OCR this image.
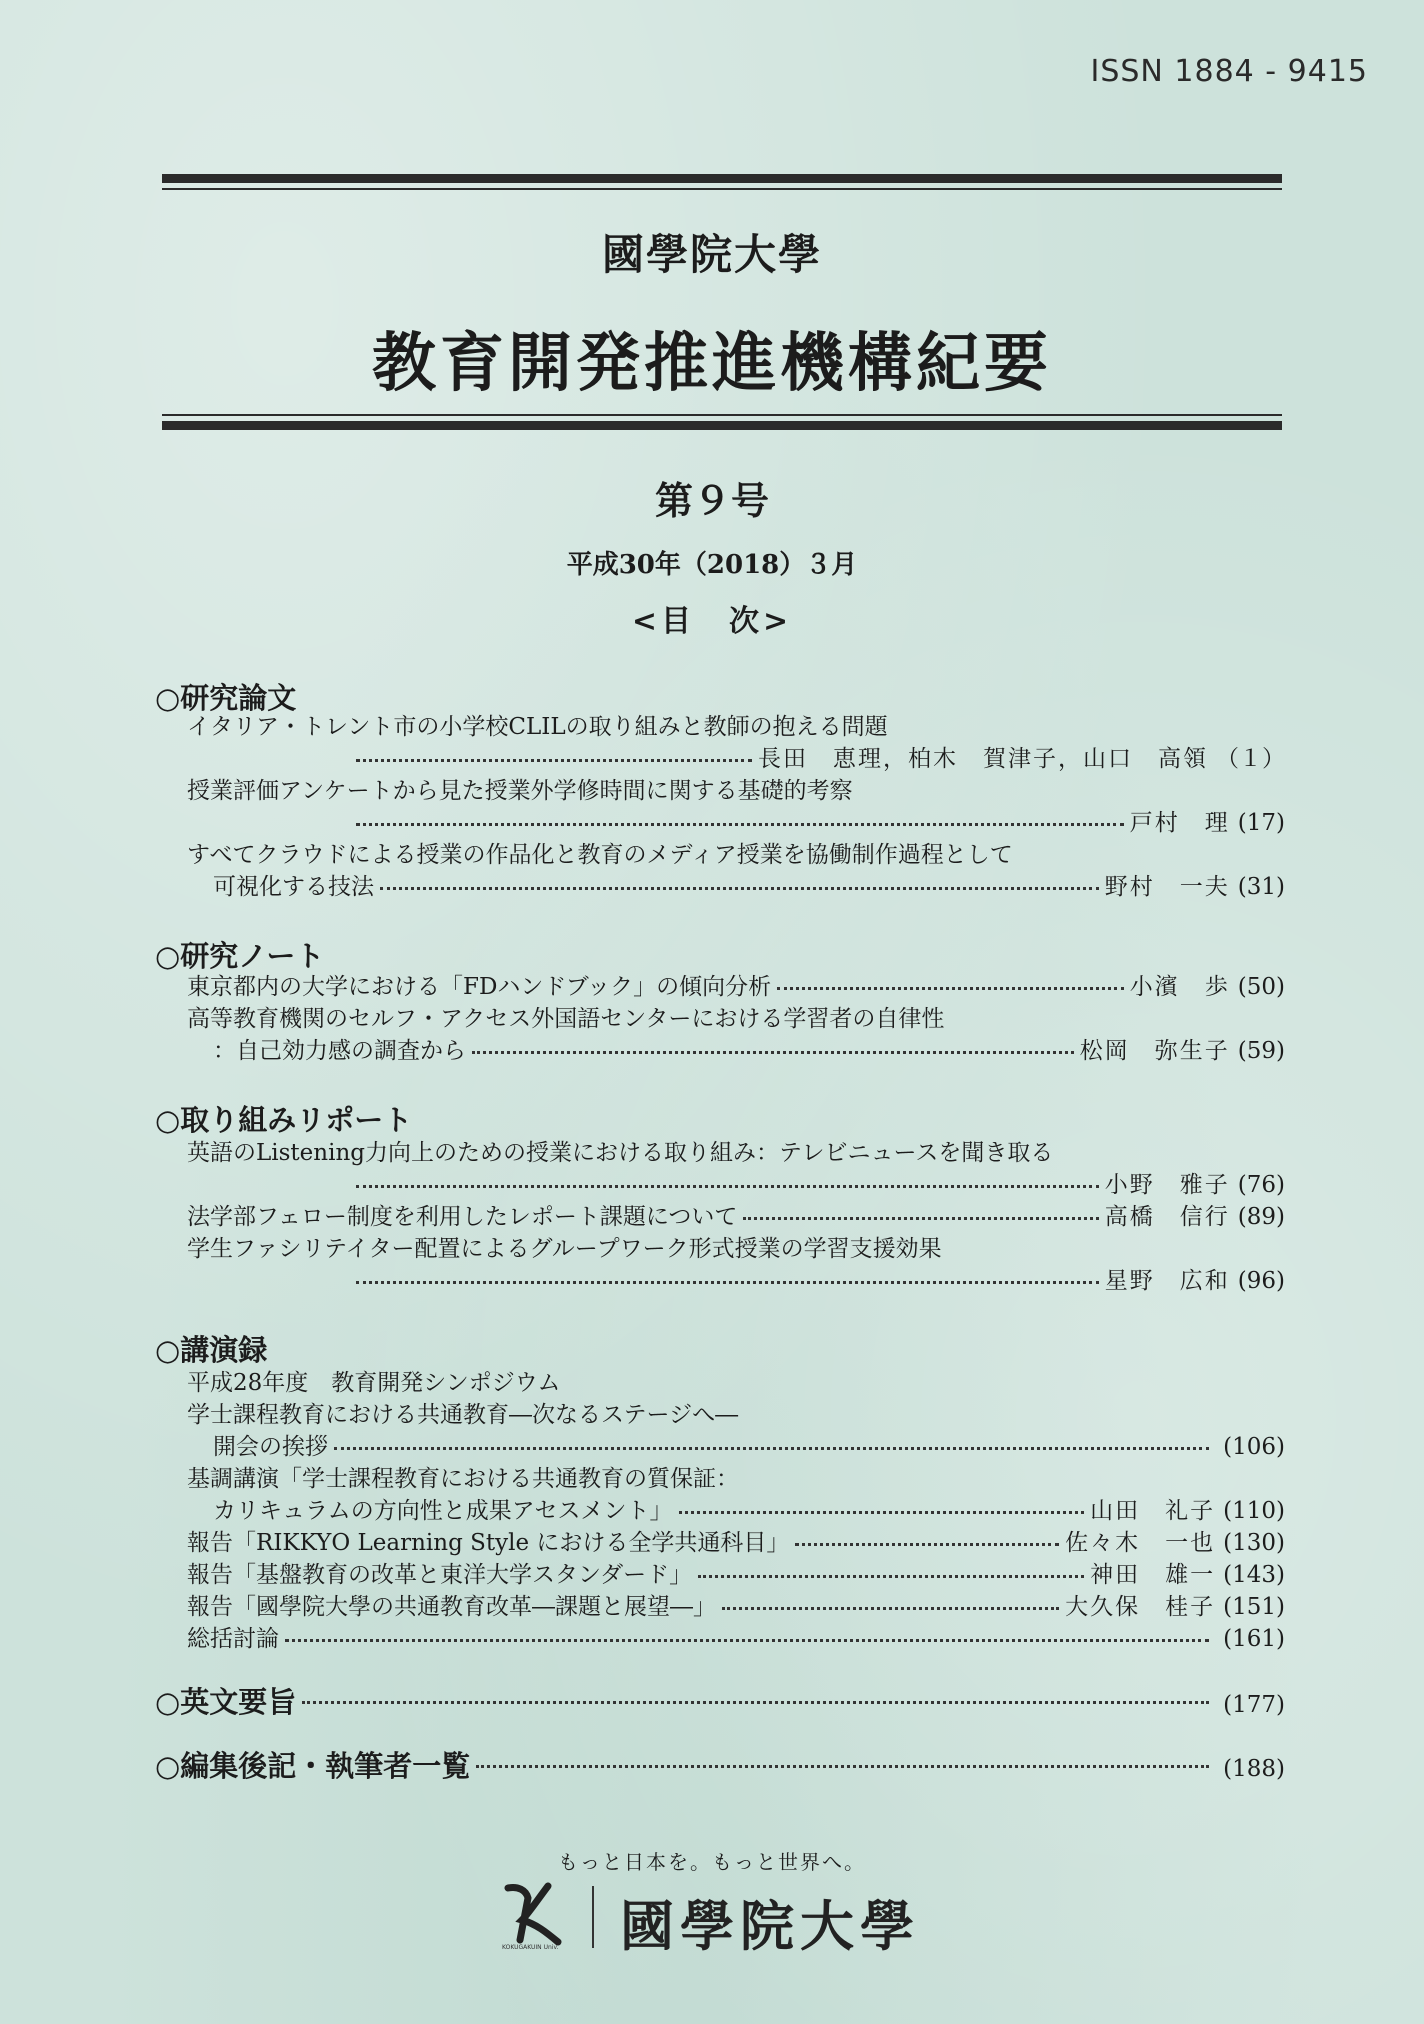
ISSN 1884 - 9415
國學院大學
教育開発推進機構紀要
第９号
平成30年（2018）３月
<目　次>
○研究論文
イタリア・トレント市の小学校CLILの取り組みと教師の抱える問題
長田　恵理，柏木　賀津子，山口　高領 （１）
授業評価アンケートから見た授業外学修時間に関する基礎的考察
戸村　理 (17)
すべてクラウドによる授業の作品化と教育のメディア授業を協働制作過程として
可視化する技法	野村　一夫 (31)
○研究ノート
東京都内の大学における「FDハンドブック」の傾向分析	小濱　歩 (50)
高等教育機関のセルフ・アクセス外国語センターにおける学習者の自律性
：自己効力感の調査から	松岡　弥生子 (59)
○取り組みリポート
英語のListening力向上のための授業における取り組み：テレビニュースを聞き取る
小野　雅子 (76)
法学部フェロー制度を利用したレポート課題について	高橋　信行 (89)
学生ファシリテイター配置によるグループワーク形式授業の学習支援効果
星野　広和 (96)
○講演録
平成28年度　教育開発シンポジウム
学士課程教育における共通教育―次なるステージへ―
開会の挨拶	(106)
基調講演「学士課程教育における共通教育の質保証：
カリキュラムの方向性と成果アセスメント」	山田　礼子 (110)
報告「RIKKYO Learning Style における全学共通科目」	佐々木　一也 (130)
報告「基盤教育の改革と東洋大学スタンダード」	神田　雄一 (143)
報告「國學院大學の共通教育改革―課題と展望―」	大久保　桂子 (151)
総括討論	(161)
○英文要旨	(177)
○編集後記・執筆者一覧	(188)
もっと日本を。もっと世界へ。
KOKUGAKUIN Univ. 國學院大學
